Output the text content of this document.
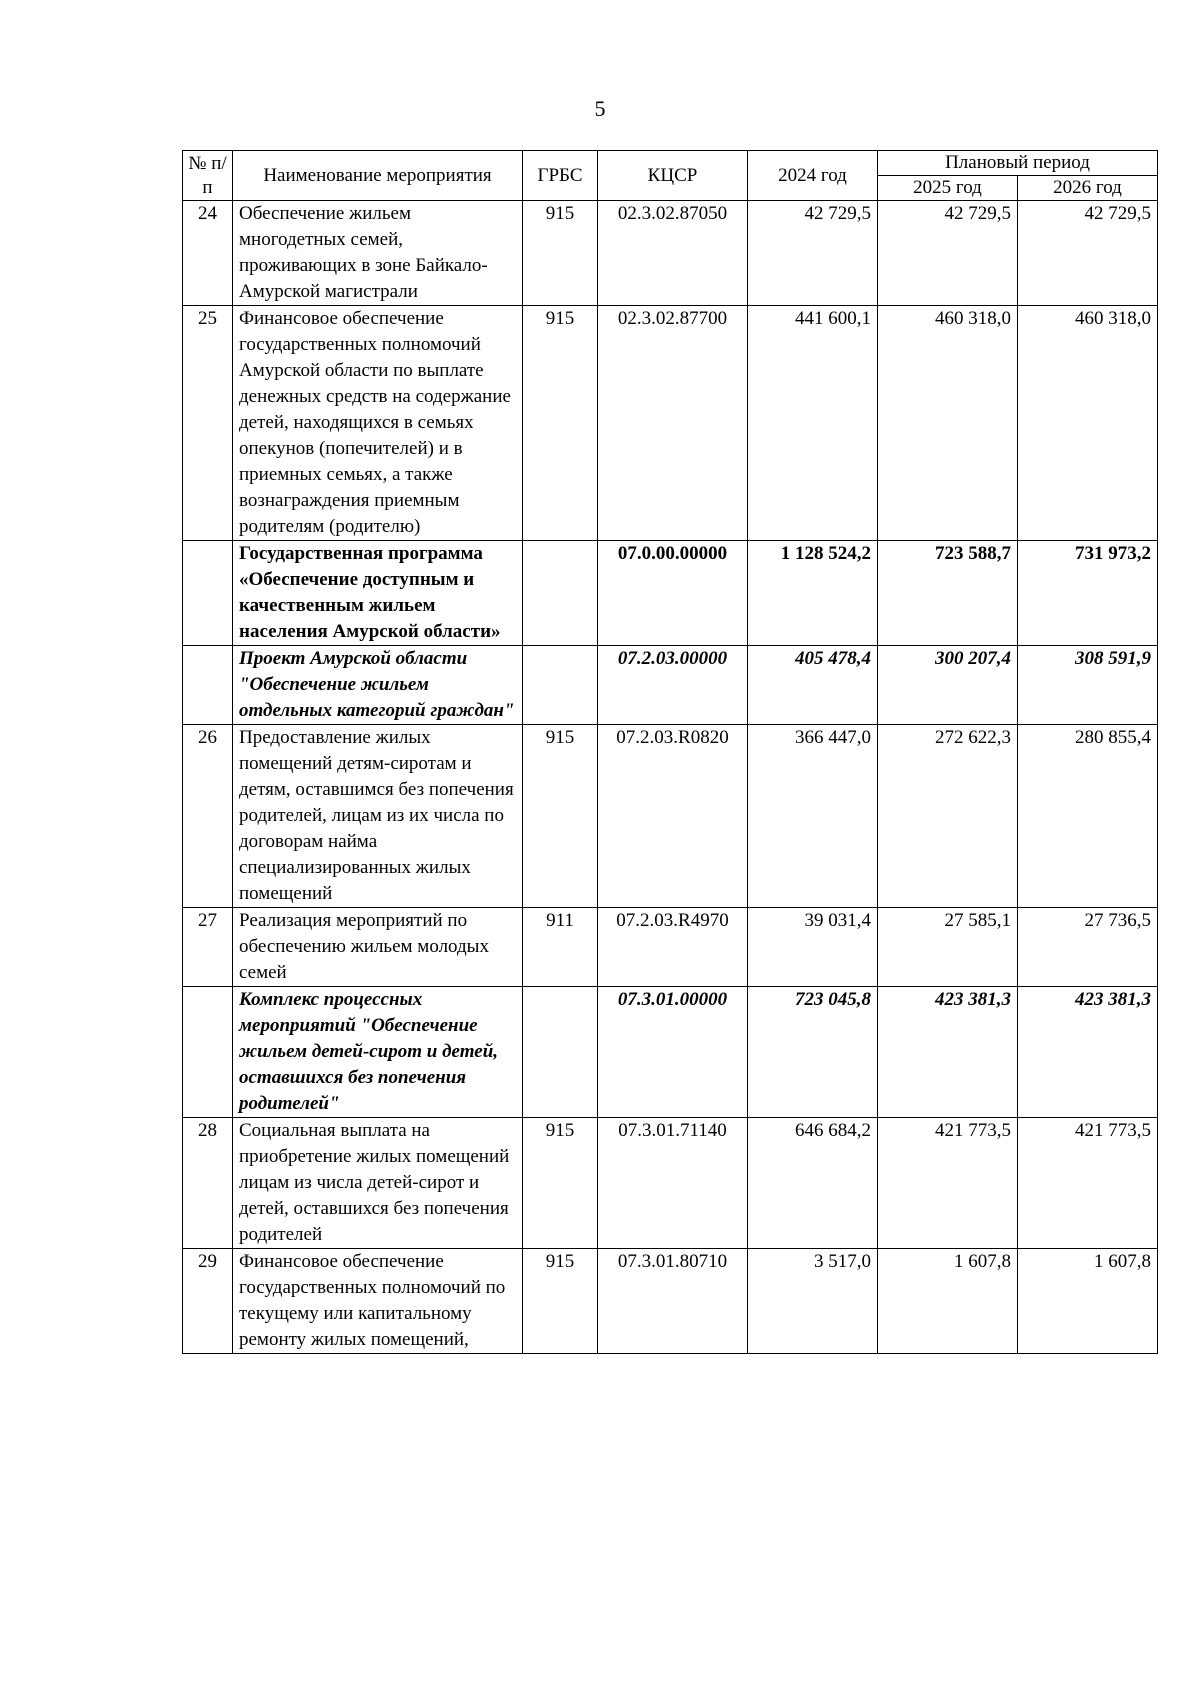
5
№ п/п	Наименование мероприятия	ГРБС	КЦСР	2024 год	Плановый период	
					2025 год	2026 год
24	Обеспечение жильем многодетных семей, проживающих в зоне Байкало-Амурской магистрали	915	02.3.02.87050	42 729,5	42 729,5	42 729,5
25	Финансовое обеспечение государственных полномочий Амурской области по выплате денежных средств на содержание детей, находящихся в семьях опекунов (попечителей) и в приемных семьях, а также вознаграждения приемным родителям (родителю)	915	02.3.02.87700	441 600,1	460 318,0	460 318,0
	Государственная программа «Обеспечение доступным и качественным жильем населения Амурской области»		07.0.00.00000	1 128 524,2	723 588,7	731 973,2
	Проект Амурской области "Обеспечение жильем отдельных категорий граждан"		07.2.03.00000	405 478,4	300 207,4	308 591,9
26	Предоставление жилых помещений детям-сиротам и детям, оставшимся без попечения родителей, лицам из их числа по договорам найма специализированных жилых помещений	915	07.2.03.R0820	366 447,0	272 622,3	280 855,4
27	Реализация мероприятий по обеспечению жильем молодых семей	911	07.2.03.R4970	39 031,4	27 585,1	27 736,5
	Комплекс процессных мероприятий "Обеспечение жильем детей-сирот и детей, оставшихся без попечения родителей"		07.3.01.00000	723 045,8	423 381,3	423 381,3
28	Социальная выплата на приобретение жилых помещений лицам из числа детей-сирот и детей, оставшихся без попечения родителей	915	07.3.01.71140	646 684,2	421 773,5	421 773,5
29	Финансовое обеспечение государственных полномочий по текущему или капитальному ремонту жилых помещений,	915	07.3.01.80710	3 517,0	1 607,8	1 607,8
